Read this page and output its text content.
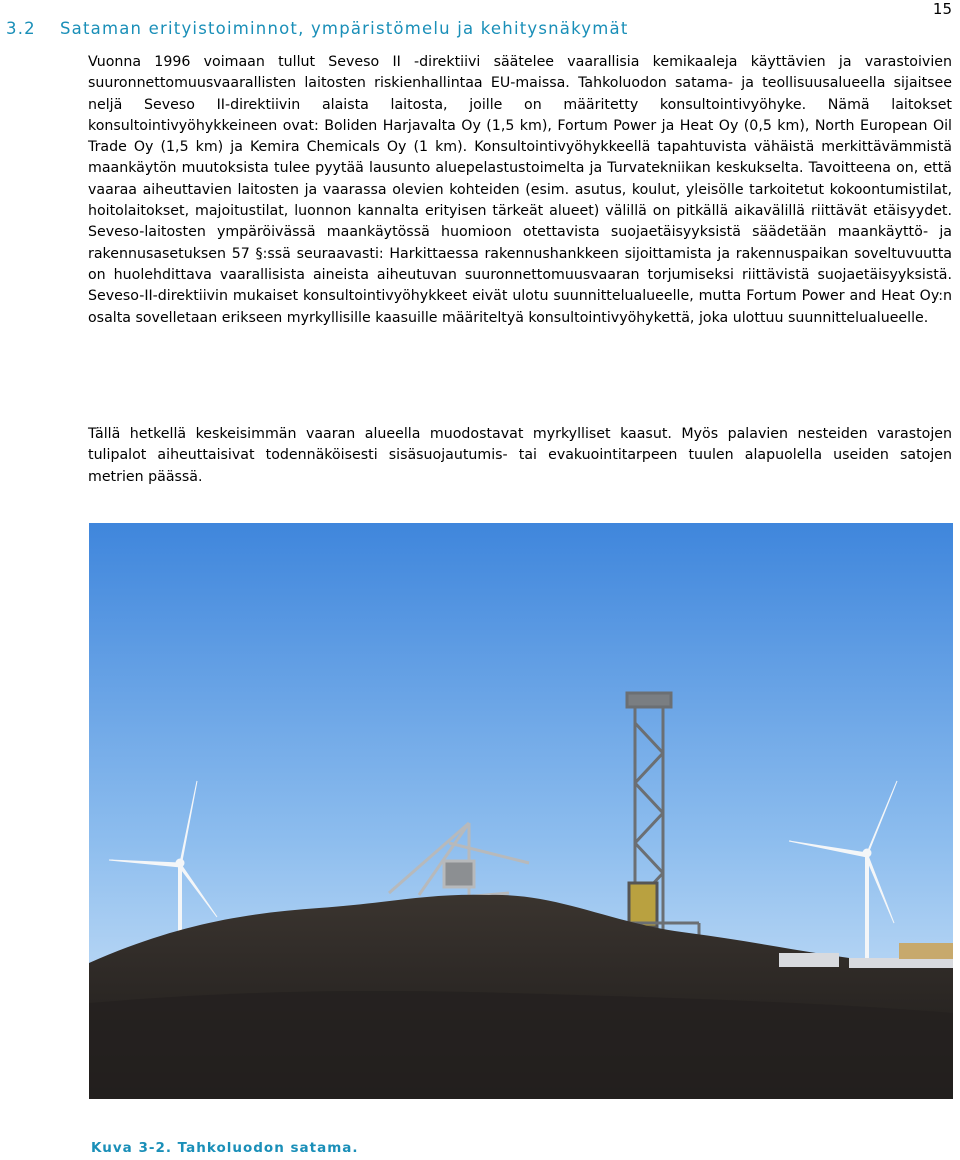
15
3.2 Sataman erityistoiminnot, ympäristömelu ja kehitysnäkymät
Vuonna 1996 voimaan tullut Seveso II -direktiivi säätelee vaarallisia kemikaaleja käyttävien ja varastoivien suuronnettomuusvaarallisten laitosten riskienhallintaa EU-maissa. Tahkoluodon satama- ja teollisuusalueella sijaitsee neljä Seveso II-direktiivin alaista laitosta, joille on määritetty konsultointivyöhyke. Nämä laitokset konsultointivyöhykkeineen ovat: Boliden Harjavalta Oy (1,5 km), Fortum Power ja Heat Oy (0,5 km), North European Oil Trade Oy (1,5 km) ja Kemira Chemicals Oy (1 km). Konsultointivyöhykkeellä tapahtuvista vähäistä merkittävämmistä maankäytön muutoksista tulee pyytää lausunto aluepelastustoimelta ja Turvatekniikan keskukselta. Tavoitteena on, että vaaraa aiheuttavien laitosten ja vaarassa olevien kohteiden (esim. asutus, koulut, yleisölle tarkoitetut kokoontumistilat, hoitolaitokset, majoitustilat, luonnon kannalta erityisen tärkeät alueet) välillä on pitkällä aikavälillä riittävät etäisyydet. Seveso-laitosten ympäröivässä maankäytössä huomioon otettavista suojaetäisyyksistä säädetään maankäyttö- ja rakennusasetuksen 57 §:ssä seuraavasti: Harkittaessa rakennushankkeen sijoittamista ja rakennuspaikan soveltuvuutta on huolehdittava vaarallisista aineista aiheutuvan suuronnettomuusvaaran torjumiseksi riittävistä suojaetäisyyksistä. Seveso-II-direktiivin mukaiset konsultointivyöhykkeet eivät ulotu suunnittelualueelle, mutta Fortum Power and Heat Oy:n osalta sovelletaan erikseen myrkyllisille kaasuille määriteltyä konsultointivyöhykettä, joka ulottuu suunnittelualueelle.
Tällä hetkellä keskeisimmän vaaran alueella muodostavat myrkylliset kaasut. Myös palavien nesteiden varastojen tulipalot aiheuttaisivat todennäköisesti sisäsuojautumis- tai evakuointitarpeen tuulen alapuolella useiden satojen metrien päässä.
Kuva 3-2. Tahkoluodon satama.
